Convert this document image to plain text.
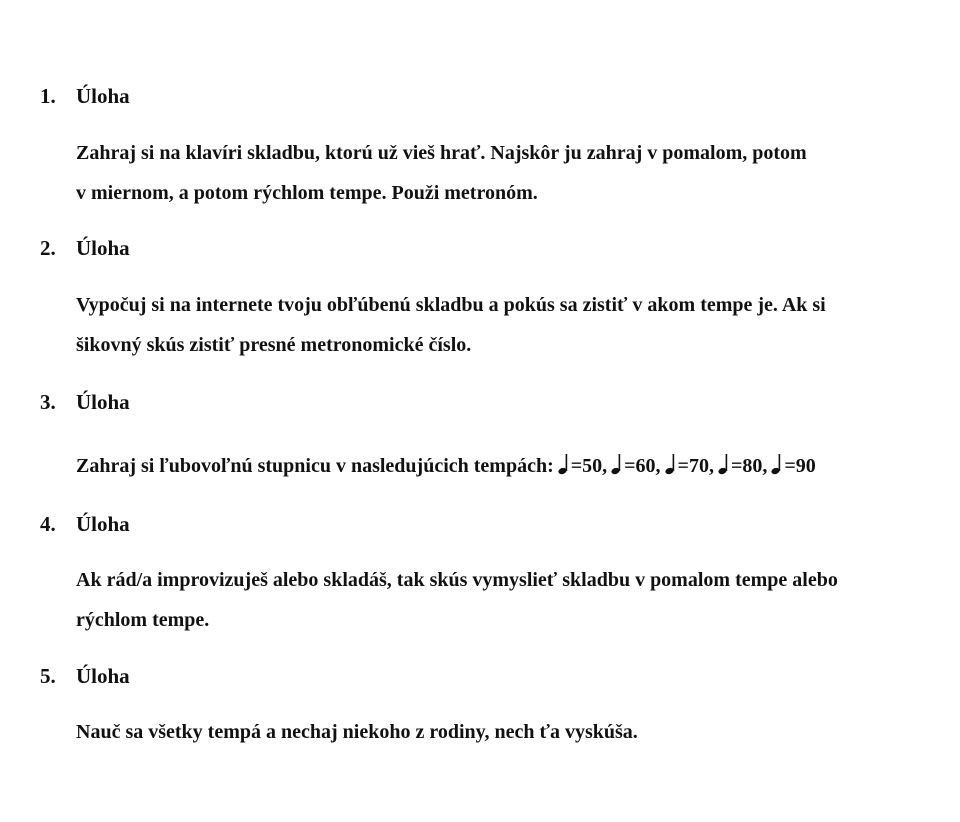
1. Úloha
Zahraj si na klavíri skladbu, ktorú už vieš hrať. Najskôr ju zahraj v pomalom, potom
v miernom, a potom rýchlom tempe. Použi metronóm.
2. Úloha
Vypočuj si na internete tvoju obľúbenú skladbu a pokús sa zistiť v akom tempe je. Ak si
šikovný skús zistiť presné metronomické číslo.
3. Úloha
Zahraj si ľubovoľnú stupnicu v nasledujúcich tempách: =50, =60, =70, =80, =90
4. Úloha
Ak rád/a improvizuješ alebo skladáš, tak skús vymyslieť skladbu v pomalom tempe alebo
rýchlom tempe.
5. Úloha
Nauč sa všetky tempá a nechaj niekoho z rodiny, nech ťa vyskúša.
